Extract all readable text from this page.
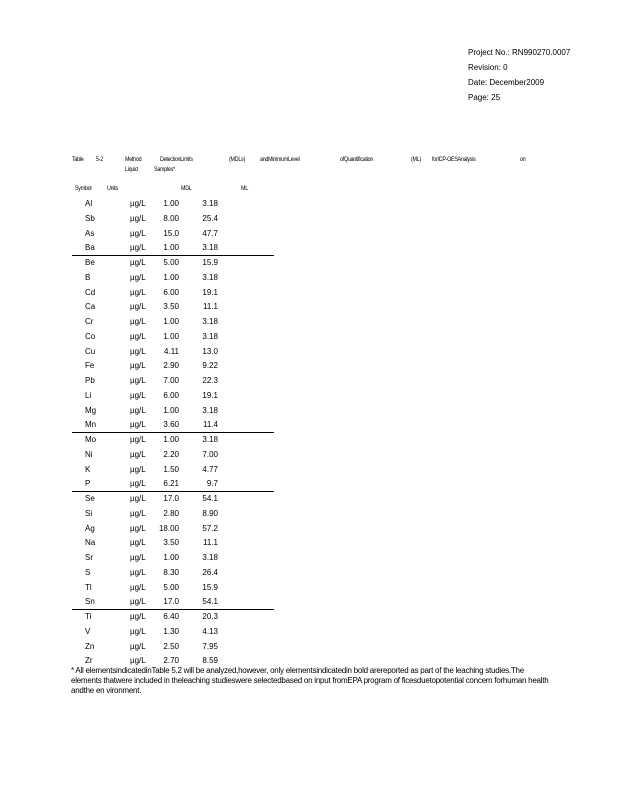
Project No.: RN990270.0007
Revision: 0
Date: December2009
Page: 25
Table 5-2	Method	DetectionLimits	(MDLs) andMinimumLevel	ofQuantification	(ML) forICP-OESAnalysis	on
Liquid Samples*
Symbol Units	MDL	ML
Al	µg/L	1.00	3.18
Sb	µg/L	8.00	25.4
As	µg/L	15.0	47.7
Ba	µg/L	1.00	3.18
Be	µg/L	5.00	15.9
B	µg/L	1.00	3.18
Cd	µg/L	6.00	19.1
Ca	µg/L	3.50	11.1
Cr	µg/L	1.00	3.18
Co	µg/L	1.00	3.18
Cu	µg/L	4.11	13.0
Fe	µg/L	2.90	9.22
Pb	µg/L	7.00	22.3
Li	µg/L	6.00	19.1
Mg	µg/L	1.00	3.18
Mn	µg/L	3.60	11.4
Mo	µg/L	1.00	3.18
Ni	µg/L	2.20	7.00
K	µg/L	1.50	4.77
P	µg/L	6.21	9.7
Se	µg/L	17.0	54.1
Si	µg/L	2.80	8.90
Ag	µg/L	18.00	57.2
Na	µg/L	3.50	11.1
Sr	µg/L	1.00	3.18
S	µg/L	8.30	26.4
Tl	µg/L	5.00	15.9
Sn	µg/L	17.0	54.1
Ti	µg/L	6.40	20.3
V	µg/L	1.30	4.13
Zn	µg/L	2.50	7.95
Zr	µg/L	2.70	8.59
* All elementsindicatedinTable 5.2 will be analyzed,however, only elementsindicatedin bold arereported as part of the leaching studies.The elements thatwere included in theleaching studieswere selectedbased on input fromEPA program of ficesduetopotential concern forhuman health andthe en vironment.
